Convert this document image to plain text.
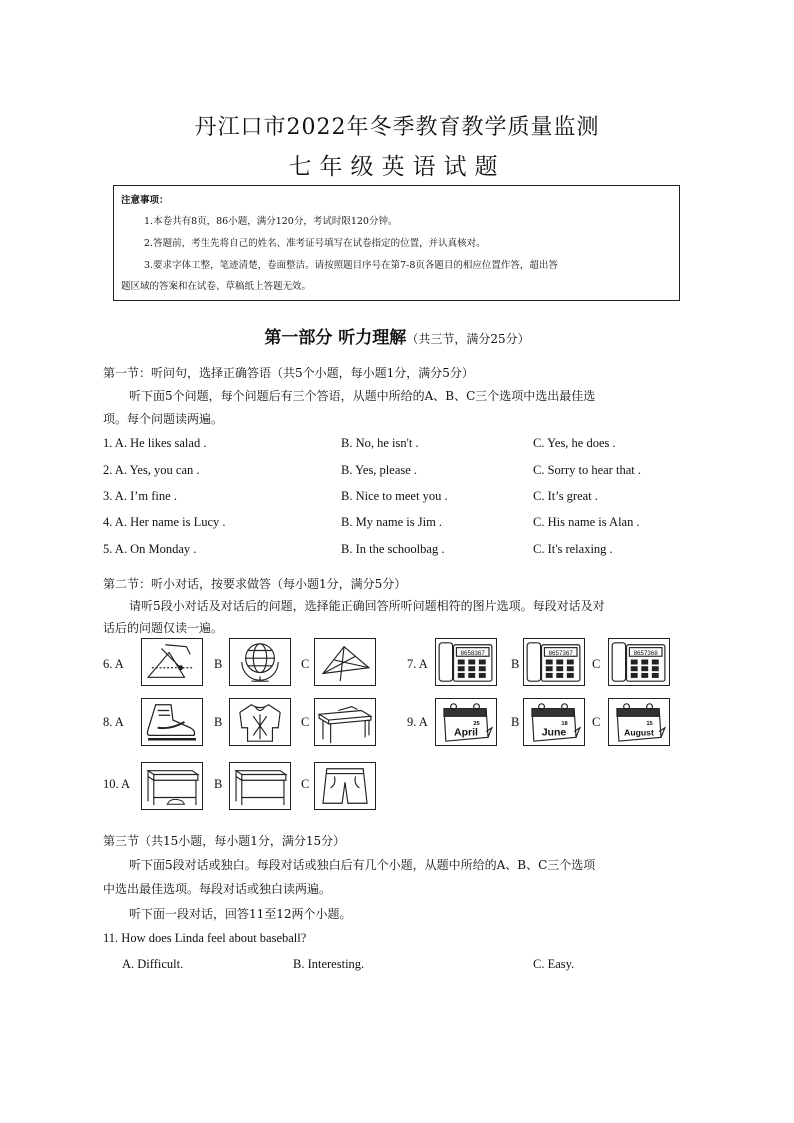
丹江口市2022年冬季教育教学质量监测
七年级英语试题
注意事项：
1.本卷共有8页，86小题，满分120分，考试时限120分钟。
2.答题前，考生先将自己的姓名、准考证号填写在试卷指定的位置，并认真核对。
3.要求字体工整，笔迹清楚，卷面整洁。请按照题目序号在第7-8页各题目的相应位置作答，超出答
题区域的答案和在试卷、草稿纸上答题无效。
第一部分 听力理解（共三节，满分25分）
第一节：听问句，选择正确答语（共5个小题，每小题1分，满分5分）
听下面5个问题，每个问题后有三个答语，从题中所给的A、B、C三个选项中选出最佳选
项。每个问题读两遍。
1. A. He likes salad .	B. No, he isn't .	C. Yes, he does .
2. A. Yes, you can .	B. Yes, please .	C. Sorry to hear that .
3. A. I’m fine .	B. Nice to meet you .	C. It’s great .
4. A. Her name is Lucy .	B. My name is Jim .	C. His name is Alan .
5. A. On Monday .	B. In the schoolbag .	C. It's relaxing .
第二节：听小对话，按要求做答（每小题1分，满分5分）
请听5段小对话及对话后的问题，选择能正确回答所听问题相符的图片选项。每段对话及对
话后的问题仅读一遍。
6. A	B	C	7. A
8658367
B
8657367
C
8657368
8. A	B	C	9. A	25
April
B	18
June
C	15
August
10. A	B	C
第三节（共15小题，每小题1分，满分15分）
听下面5段对话或独白。每段对话或独白后有几个小题，从题中所给的A、B、C三个选项
中选出最佳选项。每段对话或独白读两遍。
听下面一段对话，回答11至12两个小题。
11. How does Linda feel about baseball?
A. Difficult.	B. Interesting.	C. Easy.
